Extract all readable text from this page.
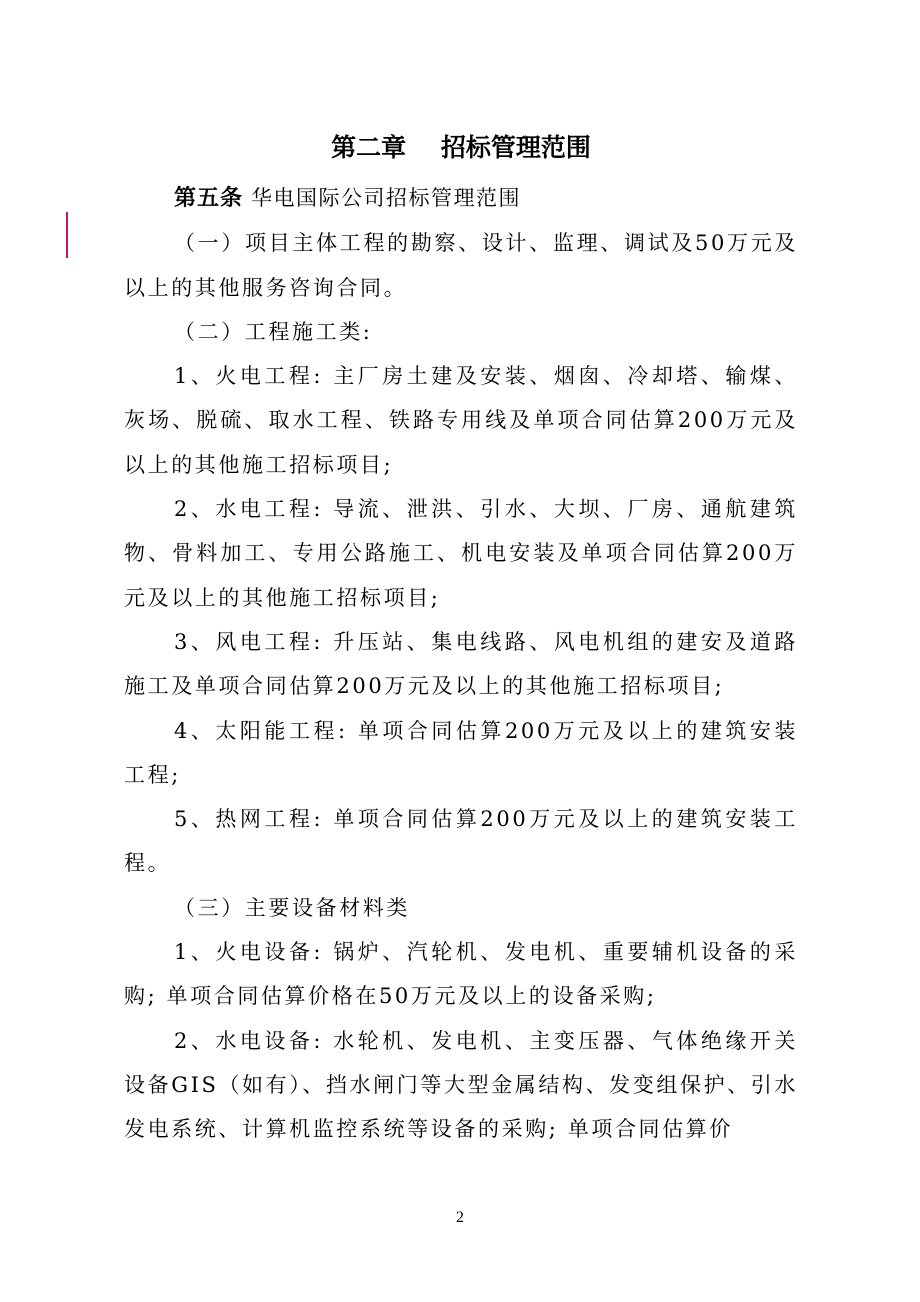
第二章    招标管理范围

第五条 华电国际公司招标管理范围

（一）项目主体工程的勘察、设计、监理、调试及50万元及以上的其他服务咨询合同。

（二）工程施工类:

1、火电工程: 主厂房土建及安装、烟囱、冷却塔、输煤、灰场、脱硫、取水工程、铁路专用线及单项合同估算200万元及以上的其他施工招标项目;

2、水电工程: 导流、泄洪、引水、大坝、厂房、通航建筑物、骨料加工、专用公路施工、机电安装及单项合同估算200万元及以上的其他施工招标项目;

3、风电工程: 升压站、集电线路、风电机组的建安及道路施工及单项合同估算200万元及以上的其他施工招标项目;

4、太阳能工程: 单项合同估算200万元及以上的建筑安装工程;

5、热网工程: 单项合同估算200万元及以上的建筑安装工程。

（三）主要设备材料类

1、火电设备: 锅炉、汽轮机、发电机、重要辅机设备的采购; 单项合同估算价格在50万元及以上的设备采购;

2、水电设备: 水轮机、发电机、主变压器、气体绝缘开关设备GIS（如有）、挡水闸门等大型金属结构、发变组保护、引水发电系统、计算机监控系统等设备的采购; 单项合同估算价

2
